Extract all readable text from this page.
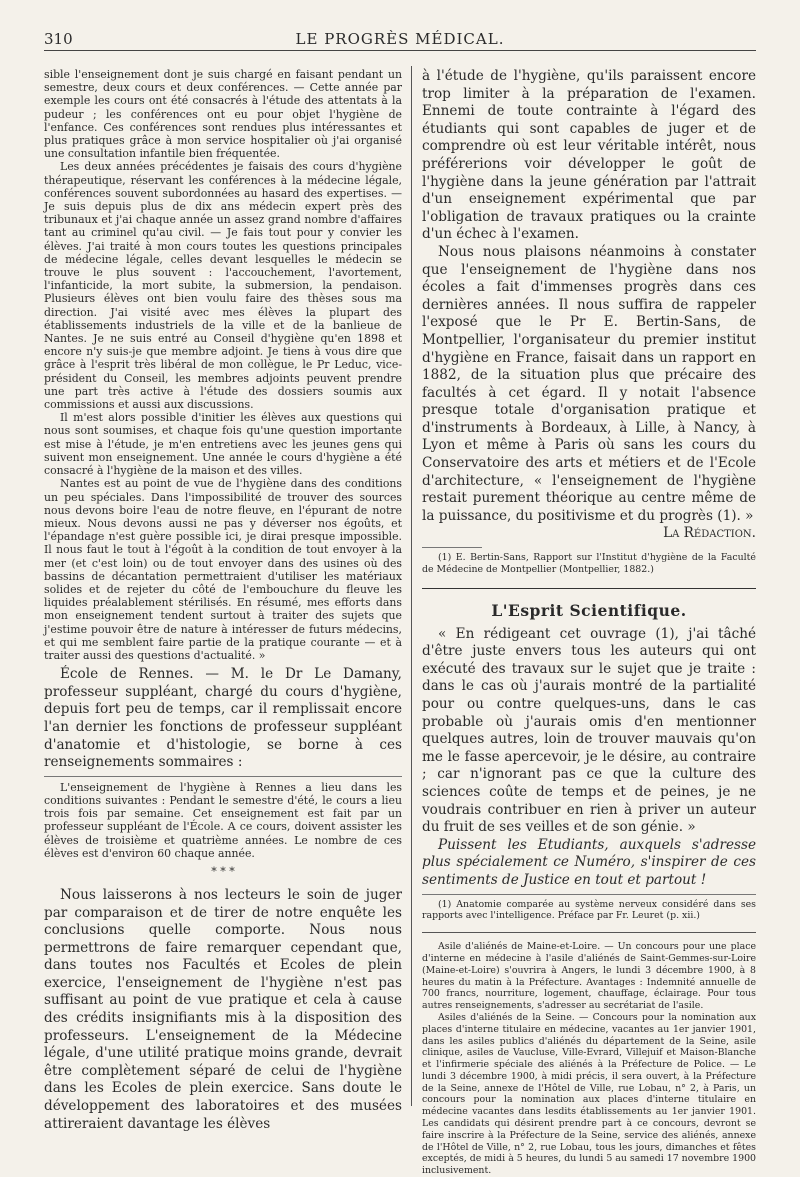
310	LE PROGRÈS MÉDICAL.

sible l'enseignement dont je suis chargé en faisant pendant un semestre, deux cours et deux conférences. — Cette année par exemple les cours ont été consacrés à l'étude des attentats à la pudeur ; les conférences ont eu pour objet l'hygiène de l'enfance. Ces conférences sont rendues plus intéressantes et plus pratiques grâce à mon service hospitalier où j'ai organisé une consultation infantile bien fréquentée.

Les deux années précédentes je faisais des cours d'hygiène thérapeutique, réservant les conférences à la médecine légale, conférences souvent subordonnées au hasard des expertises. — Je suis depuis plus de dix ans médecin expert près des tribunaux et j'ai chaque année un assez grand nombre d'affaires tant au criminel qu'au civil. — Je fais tout pour y convier les élèves. J'ai traité à mon cours toutes les questions principales de médecine légale, celles devant lesquelles le médecin se trouve le plus souvent : l'accouchement, l'avortement, l'infanticide, la mort subite, la submersion, la pendaison. Plusieurs élèves ont bien voulu faire des thèses sous ma direction. J'ai visité avec mes élèves la plupart des établissements industriels de la ville et de la banlieue de Nantes. Je ne suis entré au Conseil d'hygiène qu'en 1898 et encore n'y suis-je que membre adjoint. Je tiens à vous dire que grâce à l'esprit très libéral de mon collègue, le Pr Leduc, vice-président du Conseil, les membres adjoints peuvent prendre une part très active à l'étude des dossiers soumis aux commissions et aussi aux discussions.

Il m'est alors possible d'initier les élèves aux questions qui nous sont soumises, et chaque fois qu'une question importante est mise à l'étude, je m'en entretiens avec les jeunes gens qui suivent mon enseignement. Une année le cours d'hygiène a été consacré à l'hygiène de la maison et des villes.

Nantes est au point de vue de l'hygiène dans des conditions un peu spéciales. Dans l'impossibilité de trouver des sources nous devons boire l'eau de notre fleuve, en l'épurant de notre mieux. Nous devons aussi ne pas y déverser nos égoûts, et l'épandage n'est guère possible ici, je dirai presque impossible. Il nous faut le tout à l'égoût à la condition de tout envoyer à la mer (et c'est loin) ou de tout envoyer dans des usines où des bassins de décantation permettraient d'utiliser les matériaux solides et de rejeter du côté de l'embouchure du fleuve les liquides préalablement stérilisés. En résumé, mes efforts dans mon enseignement tendent surtout à traiter des sujets que j'estime pouvoir être de nature à intéresser de futurs médecins, et qui me semblent faire partie de la pratique courante — et à traiter aussi des questions d'actualité. »

École de Rennes. — M. le Dr Le Damany, professeur suppléant, chargé du cours d'hygiène, depuis fort peu de temps, car il remplissait encore l'an dernier les fonctions de professeur suppléant d'anatomie et d'histologie, se borne à ces renseignements sommaires :

L'enseignement de l'hygiène à Rennes a lieu dans les conditions suivantes : Pendant le semestre d'été, le cours a lieu trois fois par semaine. Cet enseignement est fait par un professeur suppléant de l'École. A ce cours, doivent assister les élèves de troisième et quatrième années. Le nombre de ces élèves est d'environ 60 chaque année.

* * *

Nous laisserons à nos lecteurs le soin de juger par comparaison et de tirer de notre enquête les conclusions quelle comporte. Nous nous permettrons de faire remarquer cependant que, dans toutes nos Facultés et Ecoles de plein exercice, l'enseignement de l'hygiène n'est pas suffisant au point de vue pratique et cela à cause des crédits insignifiants mis à la disposition des professeurs. L'enseignement de la Médecine légale, d'une utilité pratique moins grande, devrait être complètement séparé de celui de l'hygiène dans les Ecoles de plein exercice. Sans doute le développement des laboratoires et des musées attireraient davantage les élèves

à l'étude de l'hygiène, qu'ils paraissent encore trop limiter à la préparation de l'examen. Ennemi de toute contrainte à l'égard des étudiants qui sont capables de juger et de comprendre où est leur véritable intérêt, nous préférerions voir développer le goût de l'hygiène dans la jeune génération par l'attrait d'un enseignement expérimental que par l'obligation de travaux pratiques ou la crainte d'un échec à l'examen.

Nous nous plaisons néanmoins à constater que l'enseignement de l'hygiène dans nos écoles a fait d'immenses progrès dans ces dernières années. Il nous suffira de rappeler l'exposé que le Pr E. Bertin-Sans, de Montpellier, l'organisateur du premier institut d'hygiène en France, faisait dans un rapport en 1882, de la situation plus que précaire des facultés à cet égard. Il y notait l'absence presque totale d'organisation pratique et d'instruments à Bordeaux, à Lille, à Nancy, à Lyon et même à Paris où sans les cours du Conservatoire des arts et métiers et de l'Ecole d'architecture, « l'enseignement de l'hygiène restait purement théorique au centre même de la puissance, du positivisme et du progrès (1). »

La Rédaction.

(1) E. Bertin-Sans, Rapport sur l'Institut d'hygiène de la Faculté de Médecine de Montpellier (Montpellier, 1882.)

L'Esprit Scientifique.

« En rédigeant cet ouvrage (1), j'ai tâché d'être juste envers tous les auteurs qui ont exécuté des travaux sur le sujet que je traite : dans le cas où j'aurais montré de la partialité pour ou contre quelques-uns, dans le cas probable où j'aurais omis d'en mentionner quelques autres, loin de trouver mauvais qu'on me le fasse apercevoir, je le désire, au contraire ; car n'ignorant pas ce que la culture des sciences coûte de temps et de peines, je ne voudrais contribuer en rien à priver un auteur du fruit de ses veilles et de son génie. »

Puissent les Etudiants, auxquels s'adresse plus spécialement ce Numéro, s'inspirer de ces sentiments de Justice en tout et partout !

(1) Anatomie comparée au système nerveux considéré dans ses rapports avec l'intelligence. Préface par Fr. Leuret (p. xii.)

Asile d'aliénés de Maine-et-Loire. — Un concours pour une place d'interne en médecine à l'asile d'aliénés de Saint-Gemmes-sur-Loire (Maine-et-Loire) s'ouvrira à Angers, le lundi 3 décembre 1900, à 8 heures du matin à la Préfecture. Avantages : Indemnité annuelle de 700 francs, nourriture, logement, chauffage, éclairage. Pour tous autres renseignements, s'adresser au secrétariat de l'asile.

Asiles d'aliénés de la Seine. — Concours pour la nomination aux places d'interne titulaire en médecine, vacantes au 1er janvier 1901, dans les asiles publics d'aliénés du département de la Seine, asile clinique, asiles de Vaucluse, Ville-Evrard, Villejuif et Maison-Blanche et l'infirmerie spéciale des aliénés à la Préfecture de Police. — Le lundi 3 décembre 1900, à midi précis, il sera ouvert, à la Préfecture de la Seine, annexe de l'Hôtel de Ville, rue Lobau, n° 2, à Paris, un concours pour la nomination aux places d'interne titulaire en médecine vacantes dans lesdits établissements au 1er janvier 1901. Les candidats qui désirent prendre part à ce concours, devront se faire inscrire à la Préfecture de la Seine, service des aliénés, annexe de l'Hôtel de Ville, n° 2, rue Lobau, tous les jours, dimanches et fêtes exceptés, de midi à 5 heures, du lundi 5 au samedi 17 novembre 1900 inclusivement.
